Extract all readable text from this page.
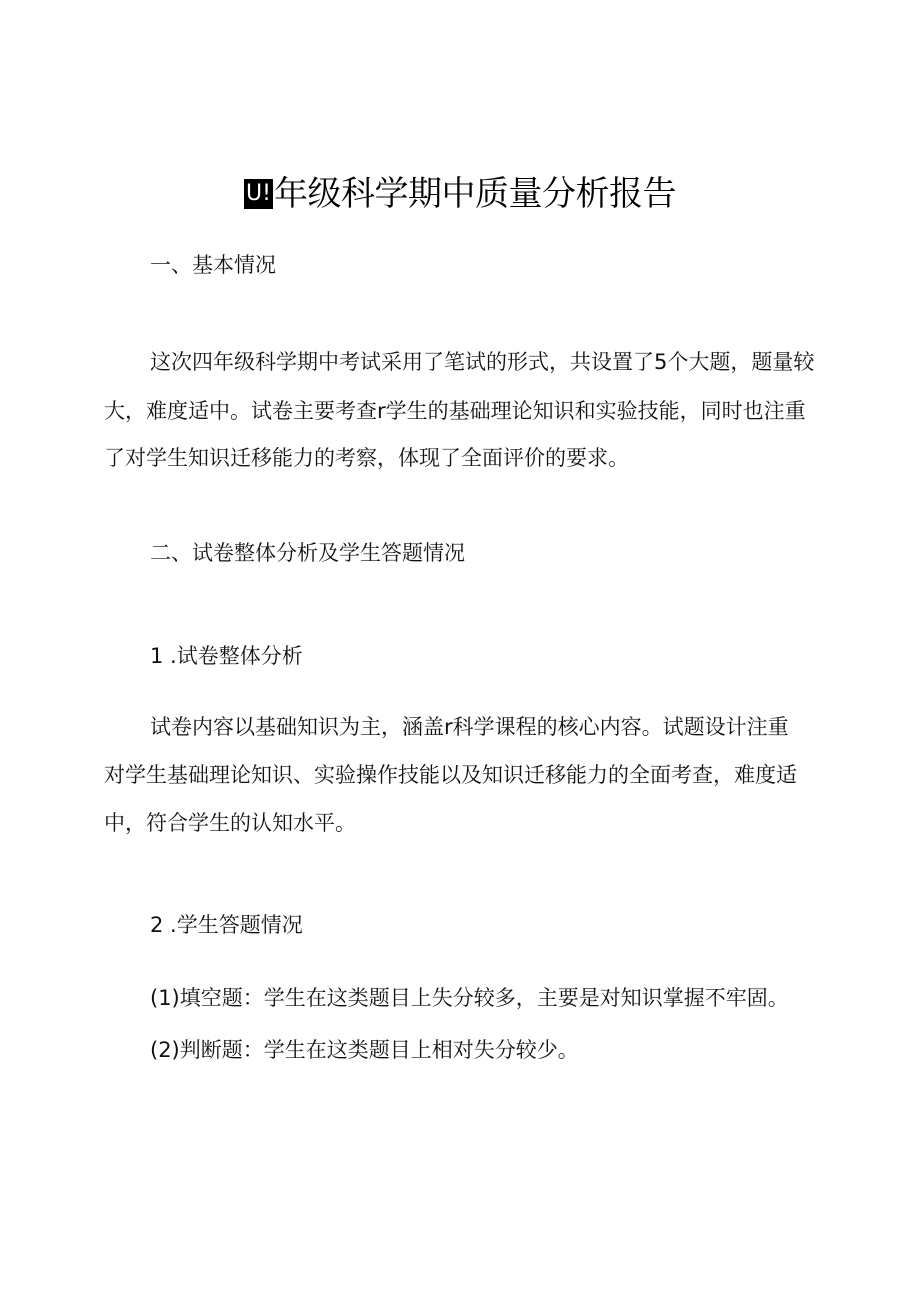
U!年级科学期中质量分析报告
一、基本情况
这次四年级科学期中考试采用了笔试的形式，共设置了5个大题，题量较
大，难度适中。试卷主要考查r学生的基础理论知识和实验技能，同时也注重
了对学生知识迁移能力的考察，体现了全面评价的要求。
二、试卷整体分析及学生答题情况
1 .试卷整体分析
试卷内容以基础知识为主，涵盖r科学课程的核心内容。试题设计注重
对学生基础理论知识、实验操作技能以及知识迁移能力的全面考查，难度适
中，符合学生的认知水平。
2 .学生答题情况
(1)填空题：学生在这类题目上失分较多，主要是对知识掌握不牢固。
(2)判断题：学生在这类题目上相对失分较少。
